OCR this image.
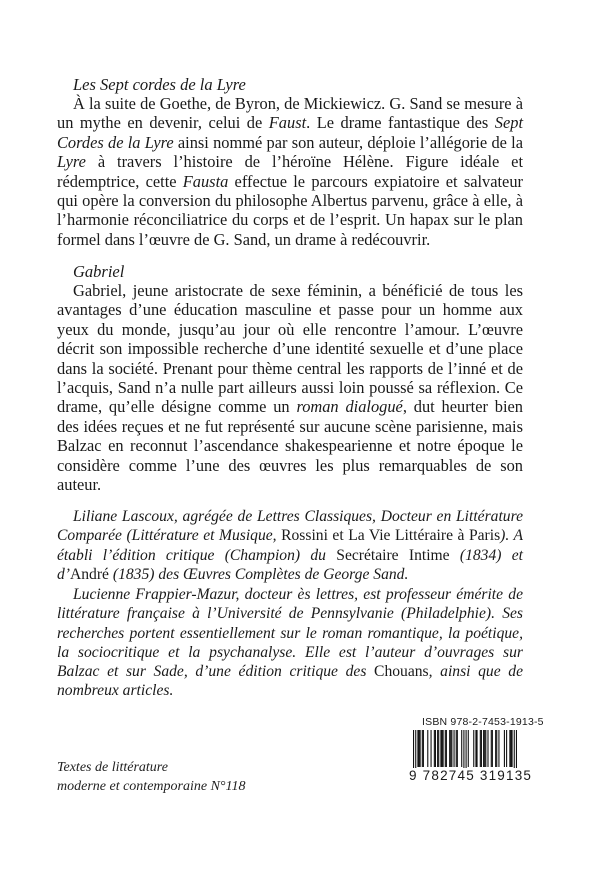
Les Sept cordes de la Lyre
À la suite de Goethe, de Byron, de Mickiewicz. G. Sand se mesure à un mythe en devenir, celui de Faust. Le drame fantastique des Sept Cordes de la Lyre ainsi nommé par son auteur, déploie l’allégorie de la Lyre à travers l’histoire de l’héroïne Hélène. Figure idéale et rédemptrice, cette Fausta effectue le parcours expiatoire et salvateur qui opère la conversion du philosophe Albertus parvenu, grâce à elle, à l’harmonie réconciliatrice du corps et de l’esprit. Un hapax sur le plan formel dans l’œuvre de G. Sand, un drame à redécouvrir.
Gabriel
Gabriel, jeune aristocrate de sexe féminin, a bénéficié de tous les avantages d’une éducation masculine et passe pour un homme aux yeux du monde, jusqu’au jour où elle rencontre l’amour. L’œuvre décrit son impossible recherche d’une identité sexuelle et d’une place dans la société. Prenant pour thème central les rapports de l’inné et de l’acquis, Sand n’a nulle part ailleurs aussi loin poussé sa réflexion. Ce drame, qu’elle désigne comme un roman dialogué, dut heurter bien des idées reçues et ne fut représenté sur aucune scène parisienne, mais Balzac en reconnut l’ascendance shakespearienne et notre époque le considère comme l’une des œuvres les plus remarquables de son auteur.
Liliane Lascoux, agrégée de Lettres Classiques, Docteur en Littérature Comparée (Littérature et Musique, Rossini et La Vie Littéraire à Paris). A établi l’édition critique (Champion) du Secrétaire Intime (1834) et d’André (1835) des Œuvres Complètes de George Sand.
Lucienne Frappier-Mazur, docteur ès lettres, est professeur émérite de littérature française à l’Université de Pennsylvanie (Philadelphie). Ses recherches portent essentiellement sur le roman romantique, la poétique, la sociocritique et la psychanalyse. Elle est l’auteur d’ouvrages sur Balzac et sur Sade, d’une édition critique des Chouans, ainsi que de nombreux articles.
Textes de littérature
moderne et contemporaine N°118
ISBN 978-2-7453-1913-5
9 782745 319135
